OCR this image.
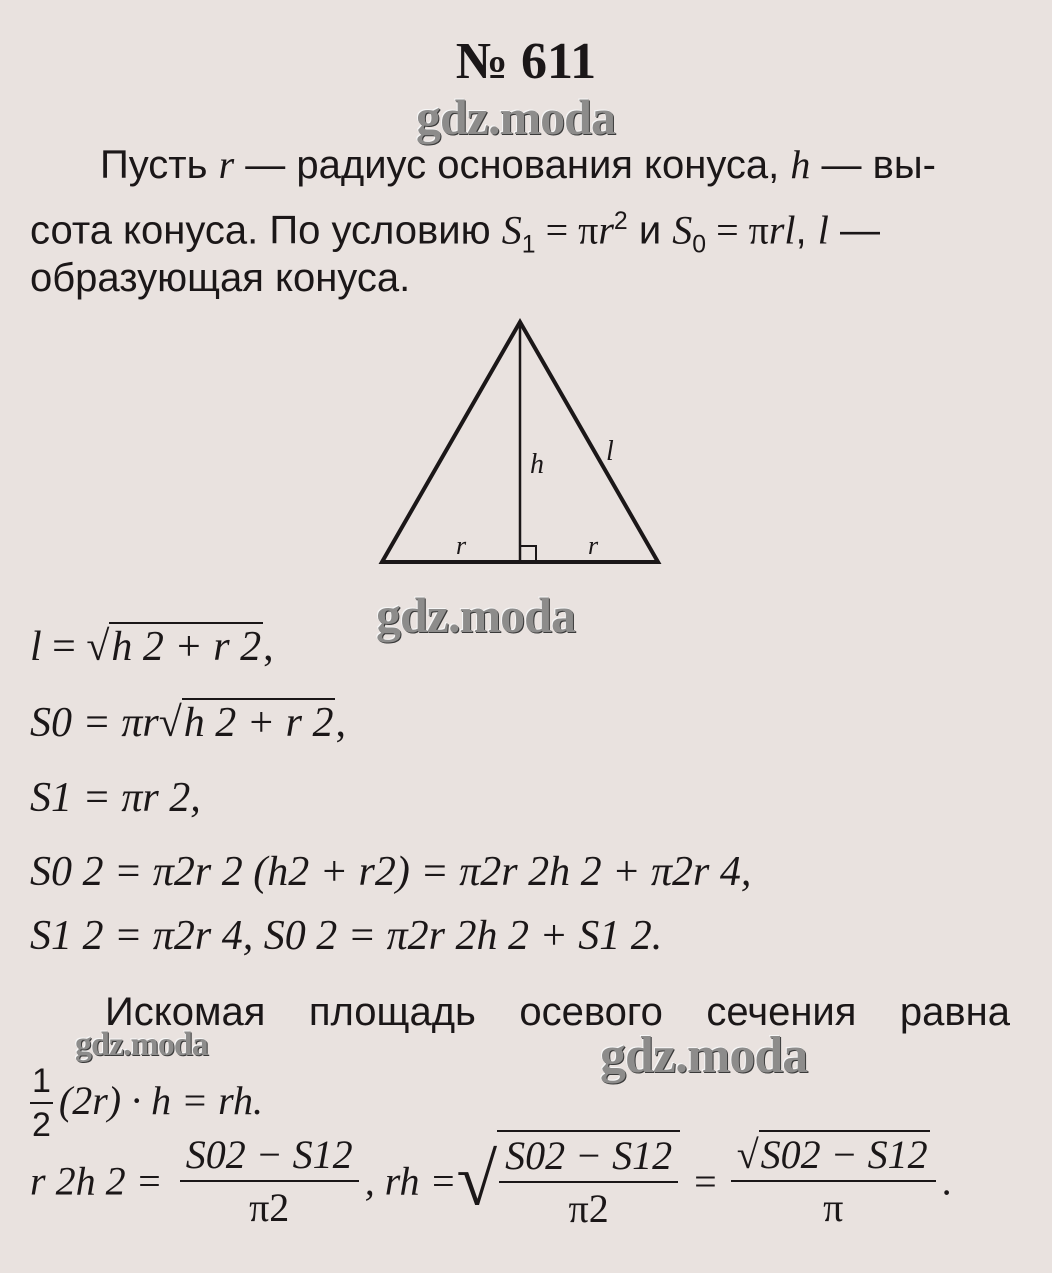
№ 611
gdz.moda
Пусть r — радиус основания конуса, h — вы-
сота конуса. По условию $S_1 = \pi r^2$ и $S_0 = \pi rl$, l —
образующая конуса.
h l
r	r
gdz.moda
l = √h 2 + r 2,
S0 = πr√h 2 + r 2,
S1 = πr 2,
S0 2 = π2r 2 (h2 + r2) = π2r 2h 2 + π2r 4,
S1 2 = π2r 4, S0 2 = π2r 2h 2 + S1 2.
Искомая площадь осевого сечения равна
gdz.moda	gdz.moda
$\frac{1}{2} (2r) \cdot h$ = rh.
r 2h $2 = \frac{S02 - S12}{\pi 2}$ , rh =√ $\frac{S02 - S12}{\pi 2} = \frac{√S02 - S12}{\pi}$ .
